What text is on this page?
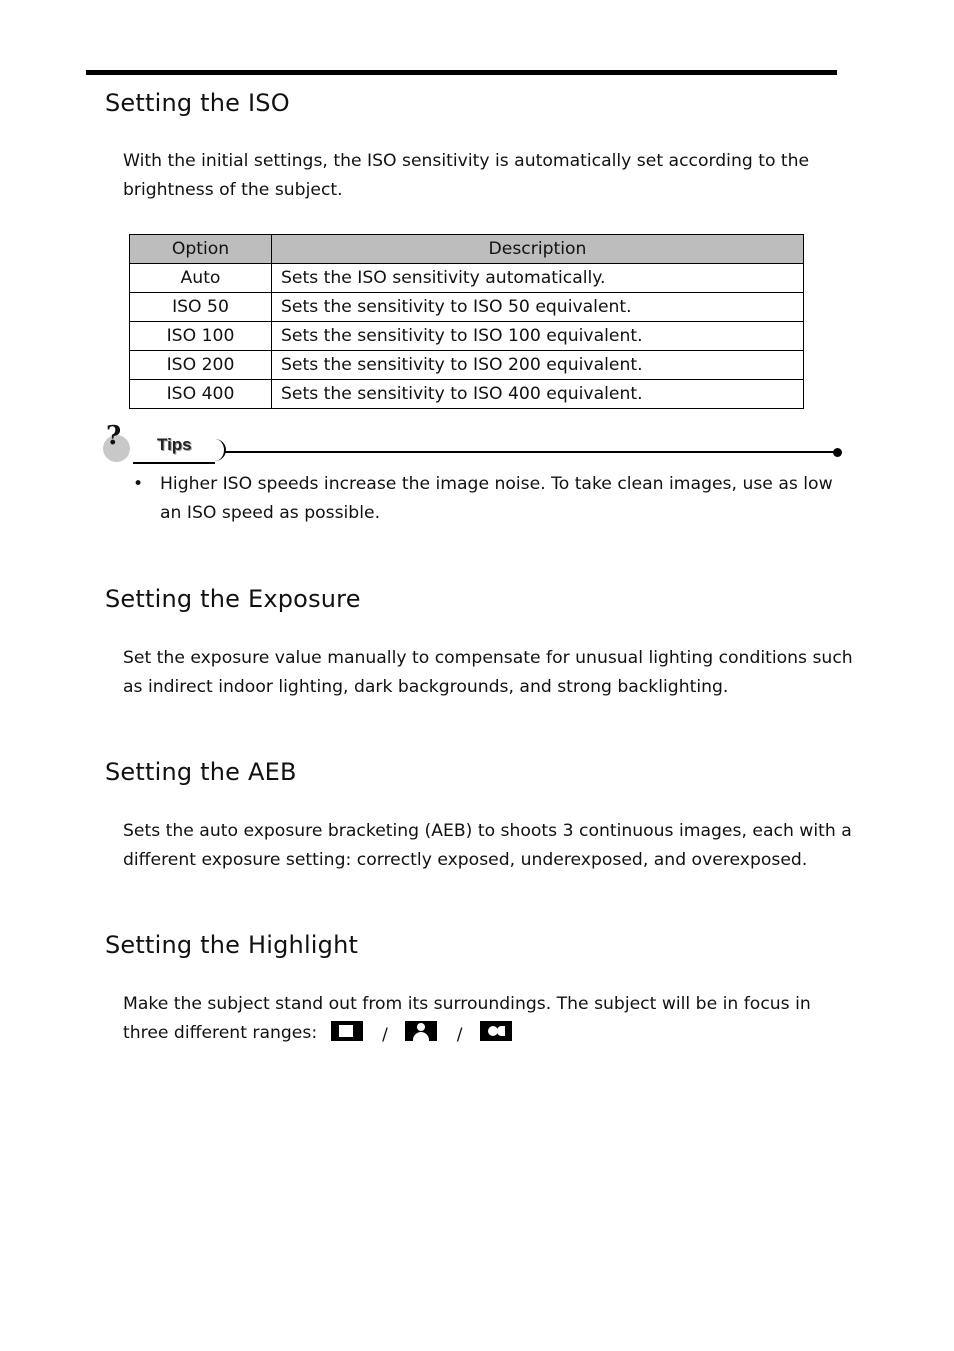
Setting the ISO

With the initial settings, the ISO sensitivity is automatically set according to the brightness of the subject.

Option	Description
Auto	Sets the ISO sensitivity automatically.
ISO 50	Sets the sensitivity to ISO 50 equivalent.
ISO 100	Sets the sensitivity to ISO 100 equivalent.
ISO 200	Sets the sensitivity to ISO 200 equivalent.
ISO 400	Sets the sensitivity to ISO 400 equivalent.
? Tips
• Higher ISO speeds increase the image noise. To take clean images, use as low an ISO speed as possible.

Setting the Exposure

Set the exposure value manually to compensate for unusual lighting conditions such as indirect indoor lighting, dark backgrounds, and strong backlighting.

Setting the AEB

Sets the auto exposure bracketing (AEB) to shoots 3 continuous images, each with a different exposure setting: correctly exposed, underexposed, and overexposed.

Setting the Highlight
Make the subject stand out from its surroundings. The subject will be in focus in three different ranges:	/	/
